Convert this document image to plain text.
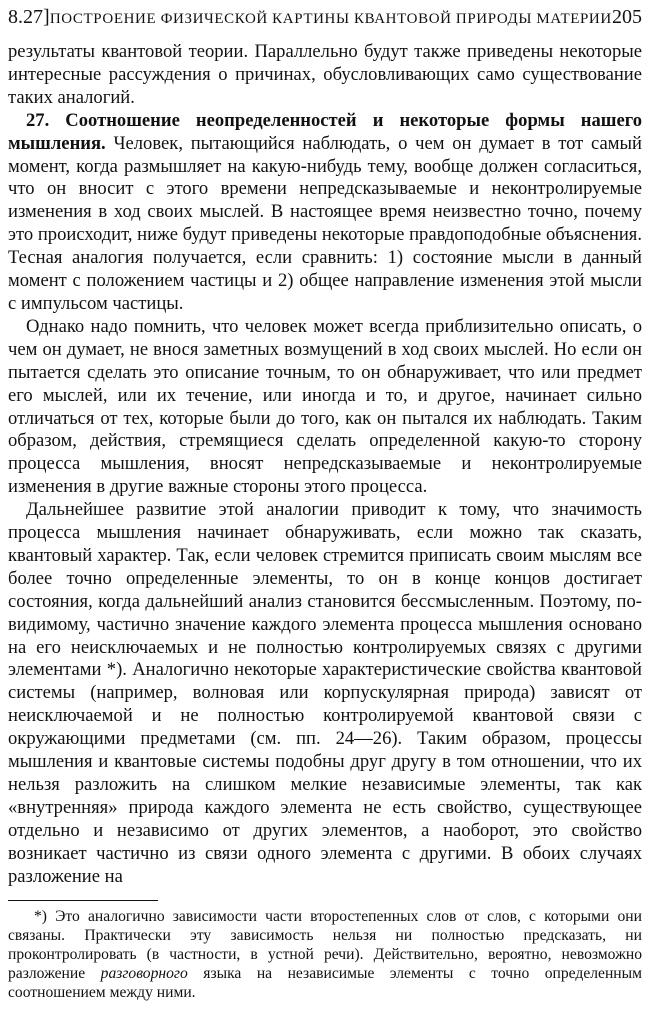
8.27] ПОСТРОЕНИЕ ФИЗИЧЕСКОЙ КАРТИНЫ КВАНТОВОЙ ПРИРОДЫ МАТЕРИИ 205

результаты квантовой теории. Параллельно будут также приведены некоторые интересные рассуждения о причинах, обусловливающих само существование таких аналогий.

27. Соотношение неопределенностей и некоторые формы нашего мышления. Человек, пытающийся наблюдать, о чем он думает в тот самый момент, когда размышляет на какую-нибудь тему, вообще должен согласиться, что он вносит с этого времени непредсказываемые и неконтролируемые изменения в ход своих мыслей. В настоящее время неизвестно точно, почему это происходит, ниже будут приведены некоторые правдоподобные объяснения. Тесная аналогия получается, если сравнить: 1) состояние мысли в данный момент с положением частицы и 2) общее направление изменения этой мысли с импульсом частицы.

Однако надо помнить, что человек может всегда приблизительно описать, о чем он думает, не внося заметных возмущений в ход своих мыслей. Но если он пытается сделать это описание точным, то он обнаруживает, что или предмет его мыслей, или их течение, или иногда и то, и другое, начинает сильно отличаться от тех, которые были до того, как он пытался их наблюдать. Таким образом, действия, стремящиеся сделать определенной какую-то сторону процесса мышления, вносят непредсказываемые и неконтролируемые изменения в другие важные стороны этого процесса.

Дальнейшее развитие этой аналогии приводит к тому, что значимость процесса мышления начинает обнаруживать, если можно так сказать, квантовый характер. Так, если человек стремится приписать своим мыслям все более точно определенные элементы, то он в конце концов достигает состояния, когда дальнейший анализ становится бессмысленным. Поэтому, по-видимому, частично значение каждого элемента процесса мышления основано на его неисключаемых и не полностью контролируемых связях с другими элементами *). Аналогично некоторые характеристические свойства квантовой системы (например, волновая или корпускулярная природа) зависят от неисключаемой и не полностью контролируемой квантовой связи с окружающими предметами (см. пп. 24—26). Таким образом, процессы мышления и квантовые системы подобны друг другу в том отношении, что их нельзя разложить на слишком мелкие независимые элементы, так как «внутренняя» природа каждого элемента не есть свойство, существующее отдельно и независимо от других элементов, а наоборот, это свойство возникает частично из связи одного элемента с другими. В обоих случаях разложение на

*) Это аналогично зависимости части второстепенных слов от слов, с которыми они связаны. Практически эту зависимость нельзя ни полностью предсказать, ни проконтролировать (в частности, в устной речи). Действительно, вероятно, невозможно разложение разговорного языка на независимые элементы с точно определенным соотношением между ними.
